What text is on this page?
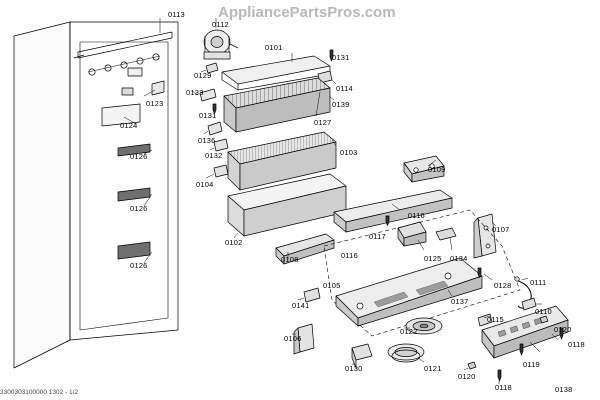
AppliancePartsPros.com
0113
0112
0101
0131
0129
0114
0133
0123	0139
0131
0124	0127
0136
0126	0132	0103
0109
0104
0126
0116
0107
0102
0117
0116
0108
0126
0125 0134
0111
0105	0128
0110
0137
0141
0115
0120
0106
0122
0118
0130	0121	0119
0120
0118	0138
3300303100000 1302 - 1/2
